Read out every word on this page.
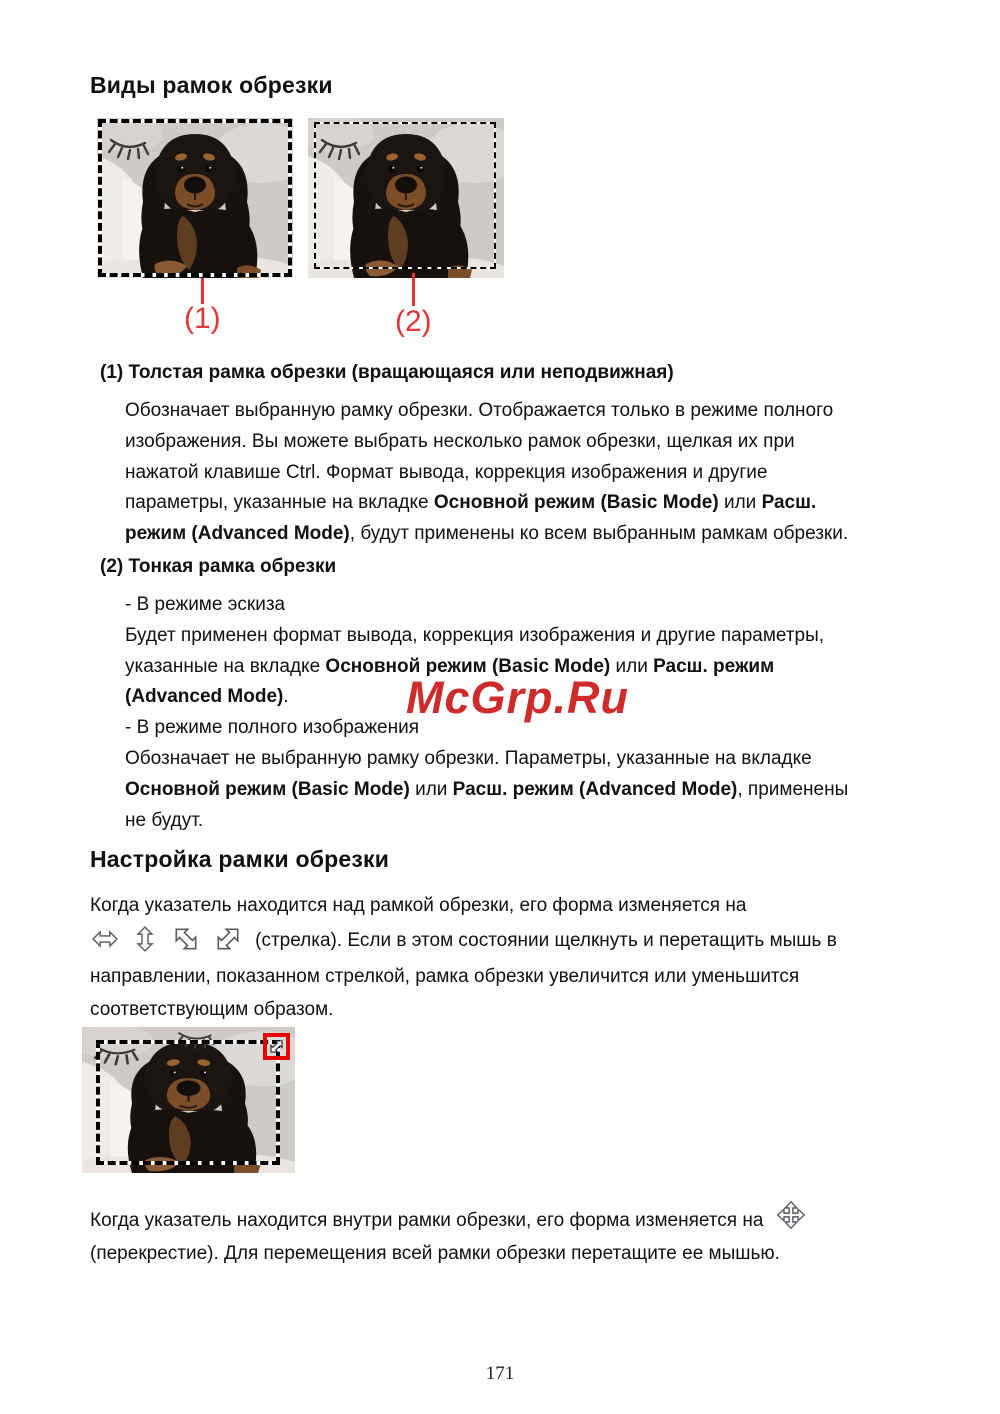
Виды рамок обрезки
(1)	(2)
(1) Толстая рамка обрезки (вращающаяся или неподвижная)
Обозначает выбранную рамку обрезки. Отображается только в режиме полного
изображения. Вы можете выбрать несколько рамок обрезки, щелкая их при
нажатой клавише Ctrl. Формат вывода, коррекция изображения и другие
параметры, указанные на вкладке Основной режим (Basic Mode) или Расш.
режим (Advanced Mode), будут применены ко всем выбранным рамкам обрезки.
(2) Тонкая рамка обрезки
- В режиме эскиза
Будет применен формат вывода, коррекция изображения и другие параметры,
указанные на вкладке Основной режим (Basic Mode) или Расш. режим
(Advanced Mode).
- В режиме полного изображения
Обозначает не выбранную рамку обрезки. Параметры, указанные на вкладке
Основной режим (Basic Mode) или Расш. режим (Advanced Mode), применены
не будут.
McGrp.Ru
Настройка рамки обрезки
Когда указатель находится над рамкой обрезки, его форма изменяется на
(стрелка). Если в этом состоянии щелкнуть и перетащить мышь в
направлении, показанном стрелкой, рамка обрезки увеличится или уменьшится
соответствующим образом.
Когда указатель находится внутри рамки обрезки, его форма изменяется на
(перекрестие). Для перемещения всей рамки обрезки перетащите ее мышью.
171
